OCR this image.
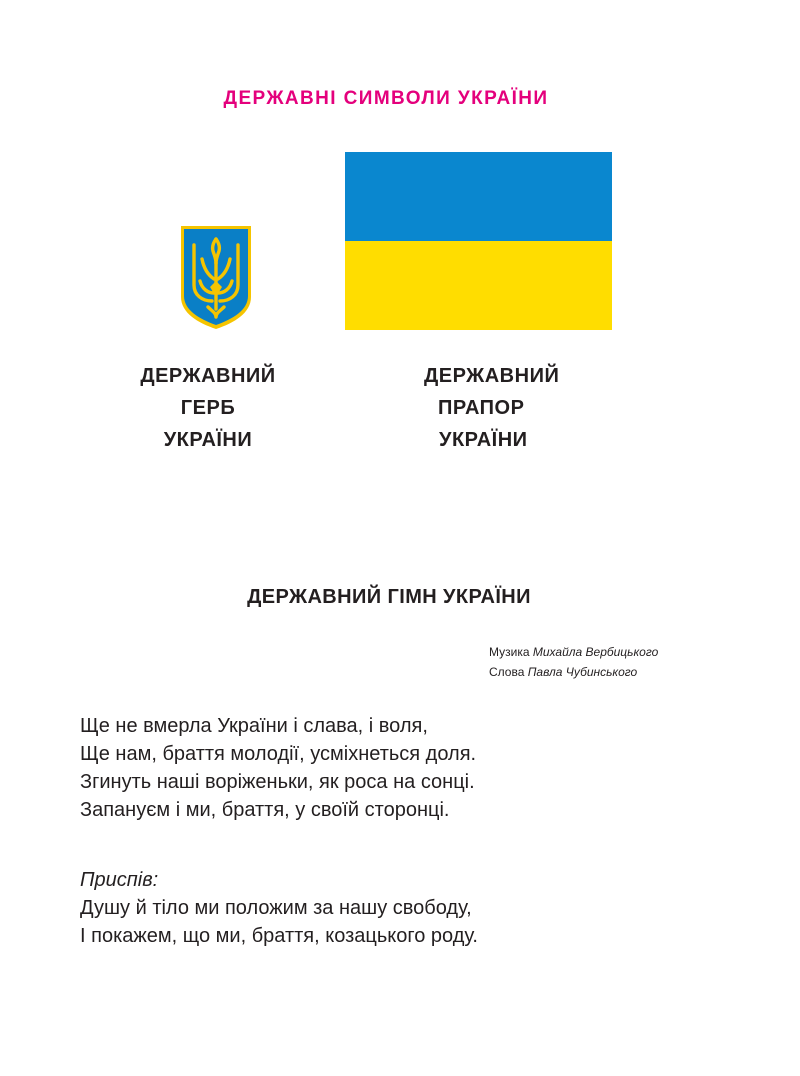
ДЕРЖАВНІ СИМВОЛИ УКРАЇНИ
ДЕРЖАВНИЙ
ГЕРБ
УКРАЇНИ
ДЕРЖАВНИЙ
ПРАПОР
УКРАЇНИ
ДЕРЖАВНИЙ ГІМН УКРАЇНИ
Музика Михайла Вербицького
Слова Павла Чубинського
Ще не вмерла України і слава, і воля,
Ще нам, браття молодії, усміхнеться доля.
Згинуть наші воріженьки, як роса на сонці.
Запануєм і ми, браття, у своїй сторонці.
Приспів:
Душу й тіло ми положим за нашу свободу,
І покажем, що ми, браття, козацького роду.
